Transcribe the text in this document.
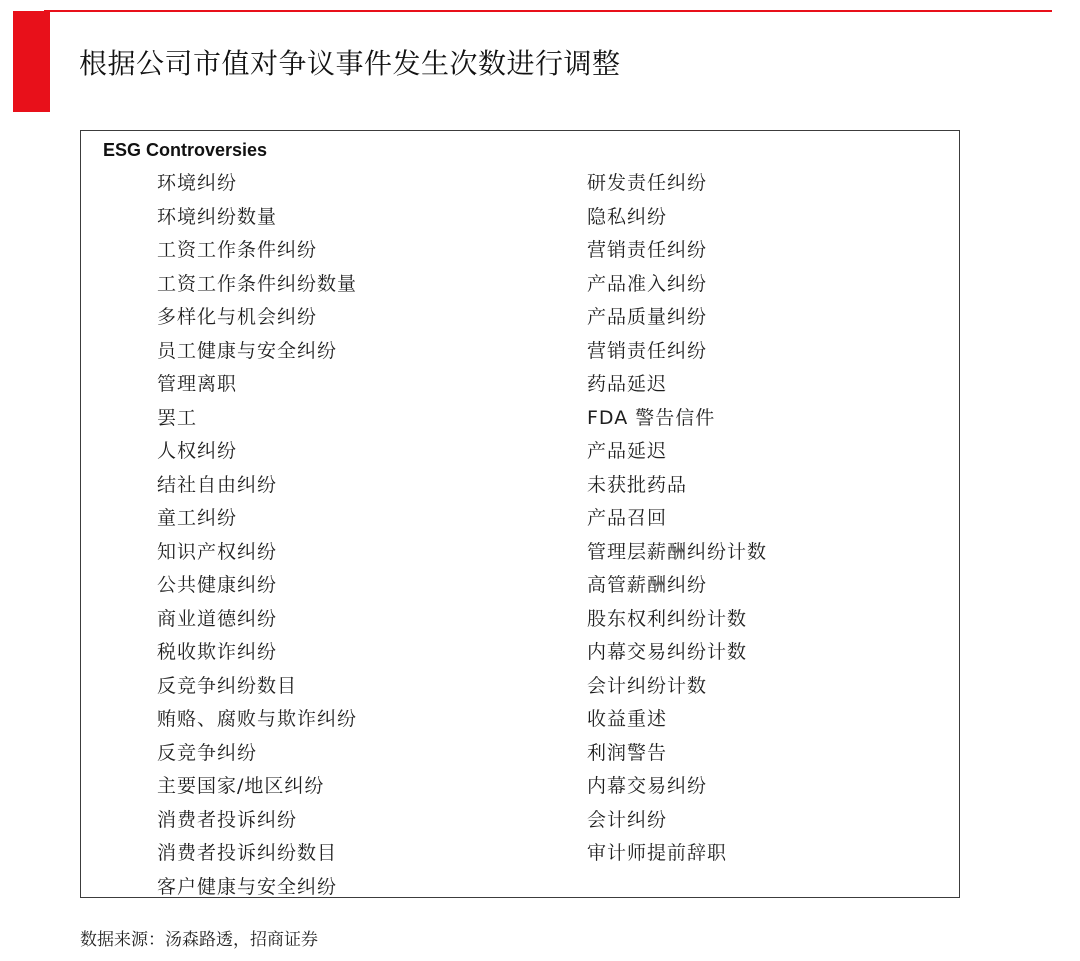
根据公司市值对争议事件发生次数进行调整
ESG Controversies
环境纠纷
环境纠纷数量
工资工作条件纠纷
工资工作条件纠纷数量
多样化与机会纠纷
员工健康与安全纠纷
管理离职
罢工
人权纠纷
结社自由纠纷
童工纠纷
知识产权纠纷
公共健康纠纷
商业道德纠纷
税收欺诈纠纷
反竞争纠纷数目
贿赂、腐败与欺诈纠纷
反竞争纠纷
主要国家/地区纠纷
消费者投诉纠纷
消费者投诉纠纷数目
客户健康与安全纠纷
研发责任纠纷
隐私纠纷
营销责任纠纷
产品准入纠纷
产品质量纠纷
营销责任纠纷
药品延迟
FDA 警告信件
产品延迟
未获批药品
产品召回
管理层薪酬纠纷计数
高管薪酬纠纷
股东权利纠纷计数
内幕交易纠纷计数
会计纠纷计数
收益重述
利润警告
内幕交易纠纷
会计纠纷
审计师提前辞职
数据来源：汤森路透，招商证券
